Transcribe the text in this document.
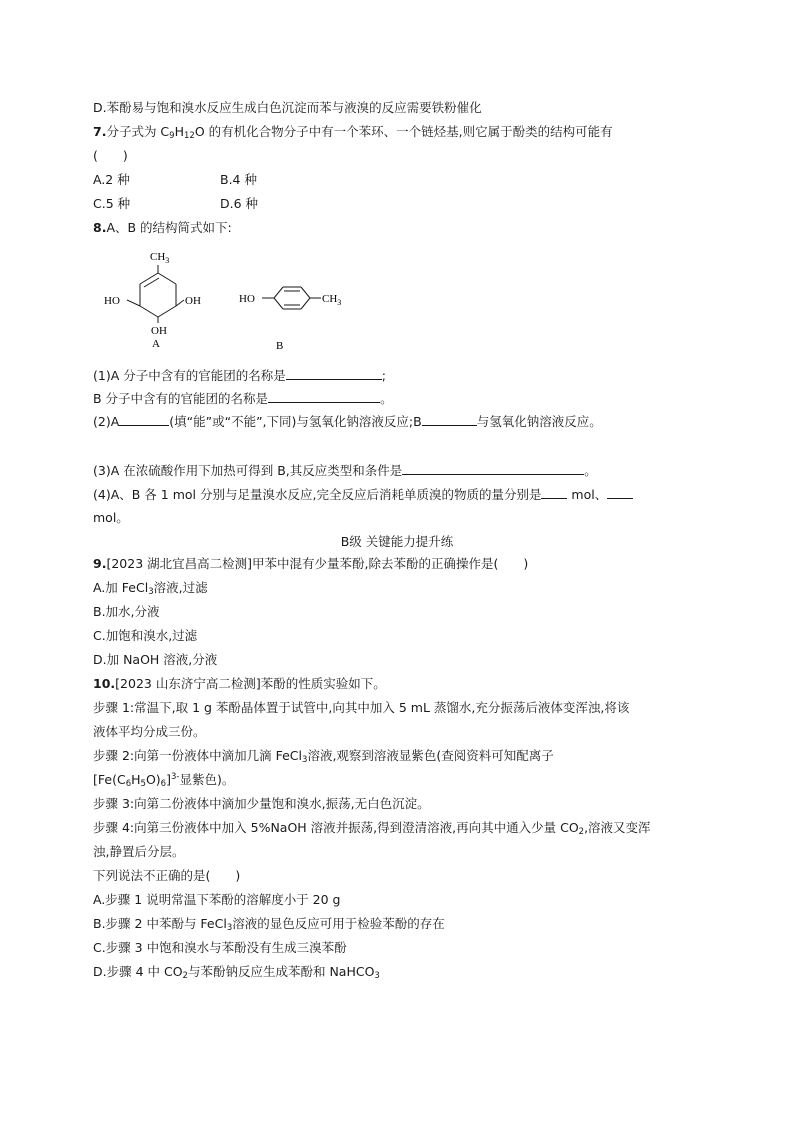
D.苯酚易与饱和溴水反应生成白色沉淀而苯与液溴的反应需要铁粉催化
7.分子式为 $C_9H_{12}O$ 的有机化合物分子中有一个苯环、一个链烃基,则它属于酚类的结构可能有
(　　)
A.2 种	B.4 种
C.5 种	D.6 种
8.A、B 的结构简式如下:
$CH_3$
HO	OH
OH
A
HO	$CH_3$
B
(1)A 分子中含有的官能团的名称是	;
B 分子中含有的官能团的名称是	。
(2)A	(填“能”或“不能”,下同)与氢氧化钠溶液反应;B	与氢氧化钠溶液反应。
(3)A 在浓硫酸作用下加热可得到 B,其反应类型和条件是	。
(4)A、B 各 1 mol 分别与足量溴水反应,完全反应后消耗单质溴的物质的量分别是 mol、
mol。
B级 关键能力提升练
9.[2023 湖北宜昌高二检测]甲苯中混有少量苯酚,除去苯酚的正确操作是(　　)
A.加 FeCl$_3$溶液,过滤
B.加水,分液
C.加饱和溴水,过滤
D.加 NaOH 溶液,分液
10.[2023 山东济宁高二检测]苯酚的性质实验如下。
步骤 1:常温下,取 1 g 苯酚晶体置于试管中,向其中加入 5 mL 蒸馏水,充分振荡后液体变浑浊,将该
液体平均分成三份。
步骤 2:向第一份液体中滴加几滴 FeCl$_3$溶液,观察到溶液显紫色(查阅资料可知配离子
$[Fe(C_6H_5O)_6]^{3-}$显紫色)。
步骤 3:向第二份液体中滴加少量饱和溴水,振荡,无白色沉淀。
步骤 4:向第三份液体中加入 5%NaOH 溶液并振荡,得到澄清溶液,再向其中通入少量 $CO_2$,溶液又变浑
浊,静置后分层。
下列说法不正确的是(　　)
A.步骤 1 说明常温下苯酚的溶解度小于 20 g
B.步骤 2 中苯酚与 FeCl$_3$溶液的显色反应可用于检验苯酚的存在
C.步骤 3 中饱和溴水与苯酚没有生成三溴苯酚
D.步骤 4 中 $CO_2$与苯酚钠反应生成苯酚和 NaHCO$_3$
